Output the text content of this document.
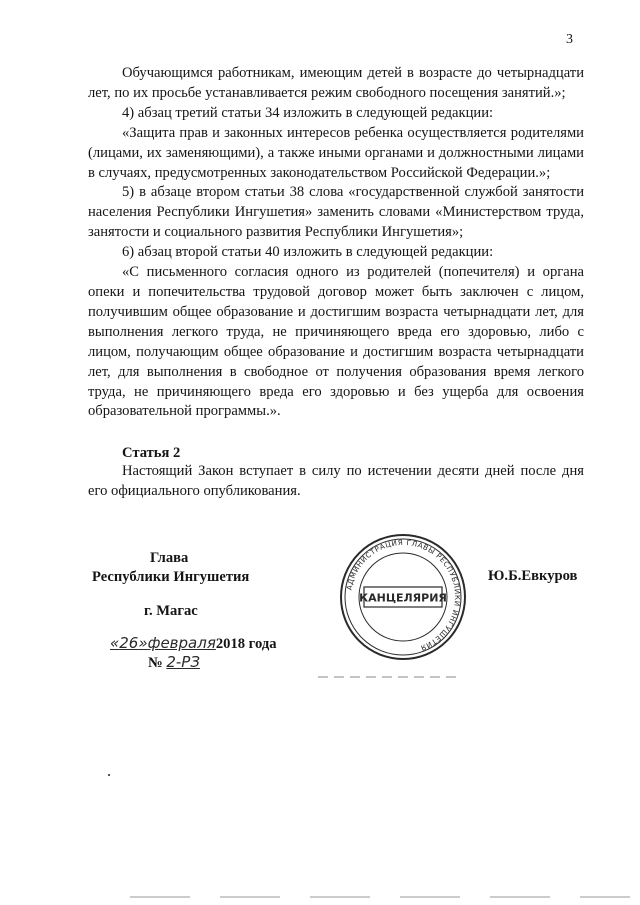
3

Обучающимся работникам, имеющим детей в возрасте до четырнадцати лет, по их просьбе устанавливается режим свободного посещения занятий.»;

4) абзац третий статьи 34 изложить в следующей редакции:

«Защита прав и законных интересов ребенка осуществляется родителями (лицами, их заменяющими), а также иными органами и должностными лицами в случаях, предусмотренных законодательством Российской Федерации.»;

5) в абзаце втором статьи 38 слова «государственной службой занятости населения Республики Ингушетия» заменить словами «Министерством труда, занятости и социального развития Республики Ингушетия»;

6) абзац второй статьи 40 изложить в следующей редакции:

«С письменного согласия одного из родителей (попечителя) и органа опеки и попечительства трудовой договор может быть заключен с лицом, получившим общее образование и достигшим возраста четырнадцати лет, для выполнения легкого труда, не причиняющего вреда его здоровью, либо с лицом, получающим общее образование и достигшим возраста четырнадцати лет, для выполнения в свободное от получения образования время легкого труда, не причиняющего вреда его здоровью и без ущерба для освоения образовательной программы.».

Статья 2

Настоящий Закон вступает в силу по истечении десяти дней после дня его официального опубликования.

Глава
Республики Ингушетия
г. Магас
Ю.Б.Евкуров
«26»февраля2018 года
№ 2-РЗ
АДМИНИСТРАЦИЯ ГЛАВЫ РЕСПУБЛИКИ ИНГУШЕТИЯ
КАНЦЕЛЯРИЯ
